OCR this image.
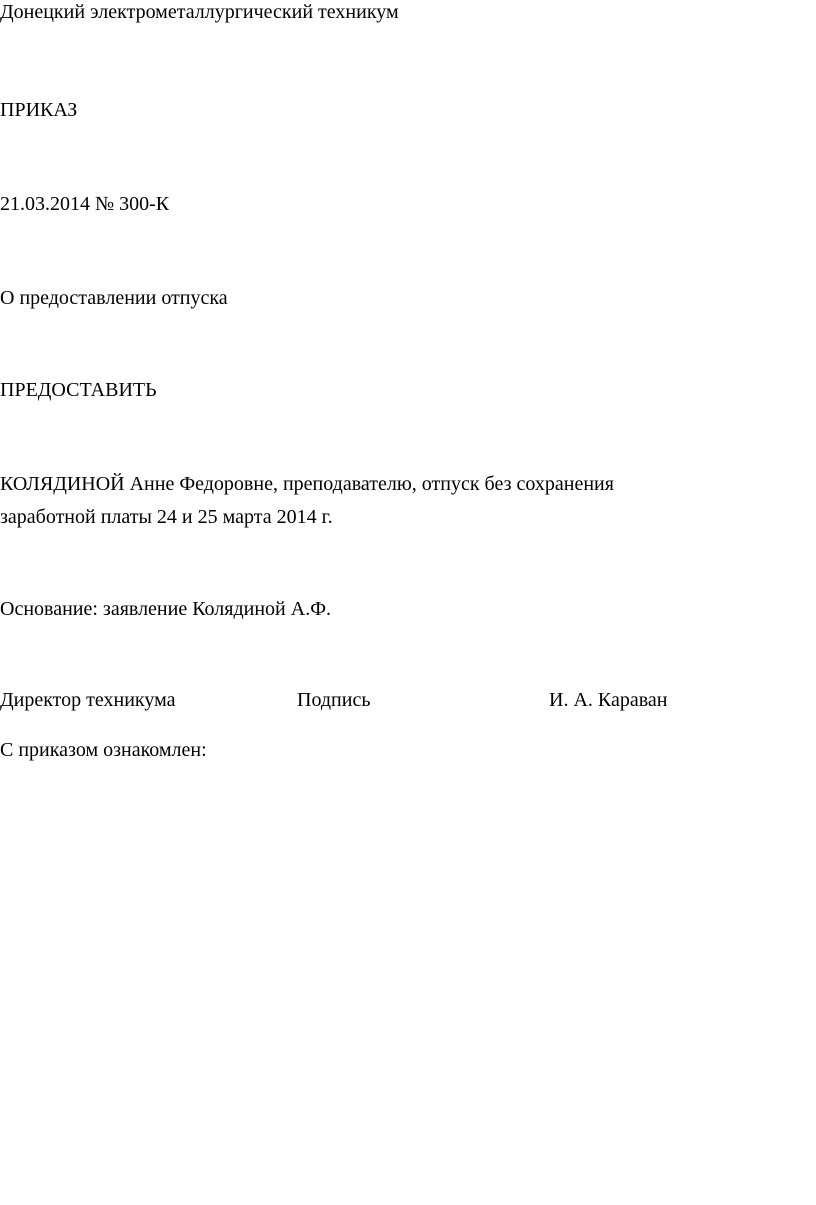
Донецкий электрометаллургический техникум

ПРИКАЗ

21.03.2014 № 300-К

О предоставлении отпуска

ПРЕДОСТАВИТЬ

КОЛЯДИНОЙ Анне Федоровне, преподавателю, отпуск без сохранения

заработной платы 24 и 25 марта 2014 г.

Основание: заявление Колядиной А.Ф.

Директор техникума	Подпись	И. А. Караван

С приказом ознакомлен:
